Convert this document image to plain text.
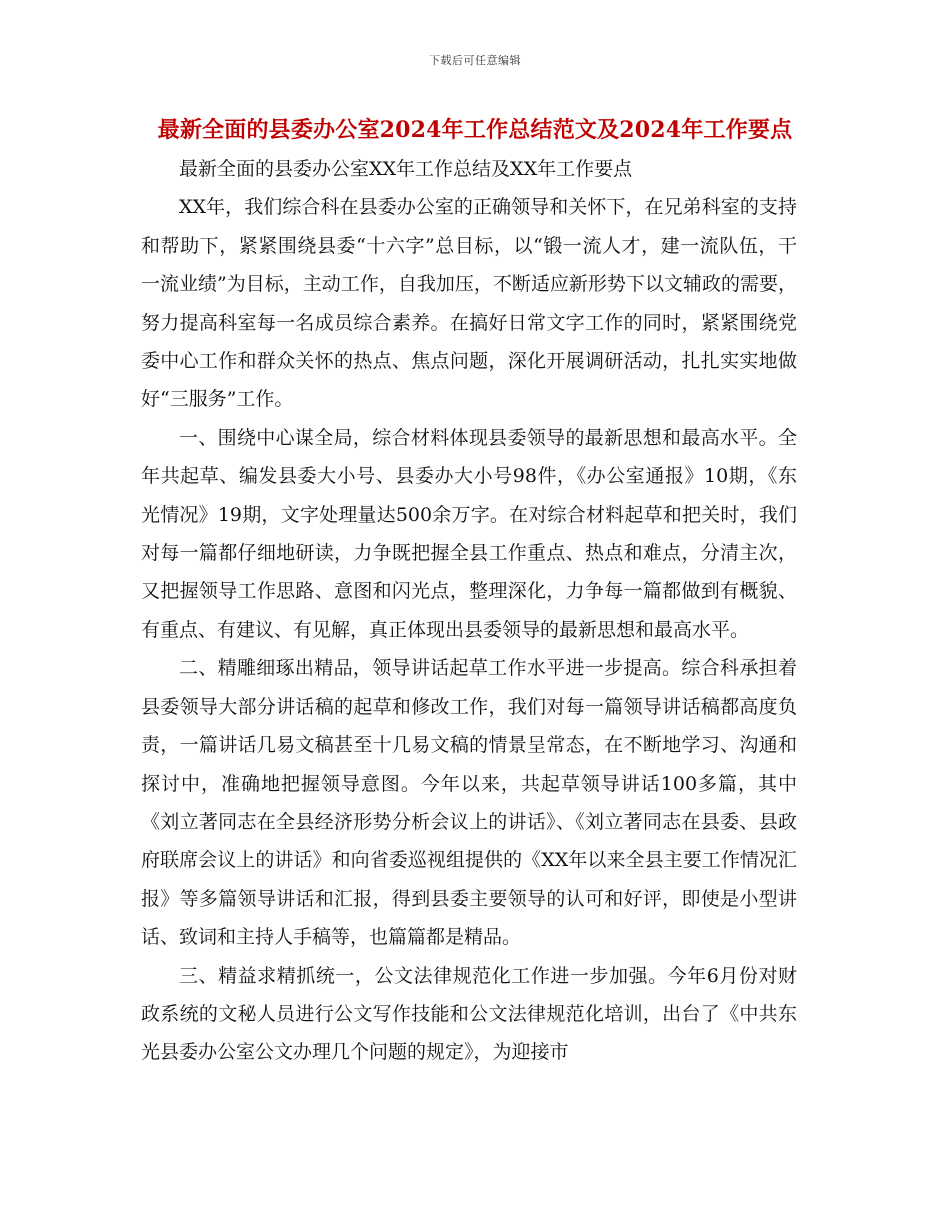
下载后可任意编辑
最新全面的县委办公室2024年工作总结范文及2024年工作要点

最新全面的县委办公室XX年工作总结及XX年工作要点

XX年，我们综合科在县委办公室的正确领导和关怀下，在兄弟科室的支持和帮助下，紧紧围绕县委“十六字”总目标，以“锻一流人才，建一流队伍，干一流业绩”为目标，主动工作，自我加压，不断适应新形势下以文辅政的需要，努力提高科室每一名成员综合素养。在搞好日常文字工作的同时，紧紧围绕党委中心工作和群众关怀的热点、焦点问题，深化开展调研活动，扎扎实实地做好“三服务”工作。

一、围绕中心谋全局，综合材料体现县委领导的最新思想和最高水平。全年共起草、编发县委大小号、县委办大小号98件，《办公室通报》10期，《东光情况》19期，文字处理量达500余万字。在对综合材料起草和把关时，我们对每一篇都仔细地研读，力争既把握全县工作重点、热点和难点，分清主次，又把握领导工作思路、意图和闪光点，整理深化，力争每一篇都做到有概貌、有重点、有建议、有见解，真正体现出县委领导的最新思想和最高水平。

二、精雕细琢出精品，领导讲话起草工作水平进一步提高。综合科承担着县委领导大部分讲话稿的起草和修改工作，我们对每一篇领导讲话稿都高度负责，一篇讲话几易文稿甚至十几易文稿的情景呈常态，在不断地学习、沟通和探讨中，准确地把握领导意图。今年以来，共起草领导讲话100多篇，其中《刘立著同志在全县经济形势分析会议上的讲话》、《刘立著同志在县委、县政府联席会议上的讲话》和向省委巡视组提供的《XX年以来全县主要工作情况汇报》等多篇领导讲话和汇报，得到县委主要领导的认可和好评，即使是小型讲话、致词和主持人手稿等，也篇篇都是精品。

三、精益求精抓统一，公文法律规范化工作进一步加强。今年6月份对财政系统的文秘人员进行公文写作技能和公文法律规范化培训，出台了《中共东光县委办公室公文办理几个问题的规定》，为迎接市
